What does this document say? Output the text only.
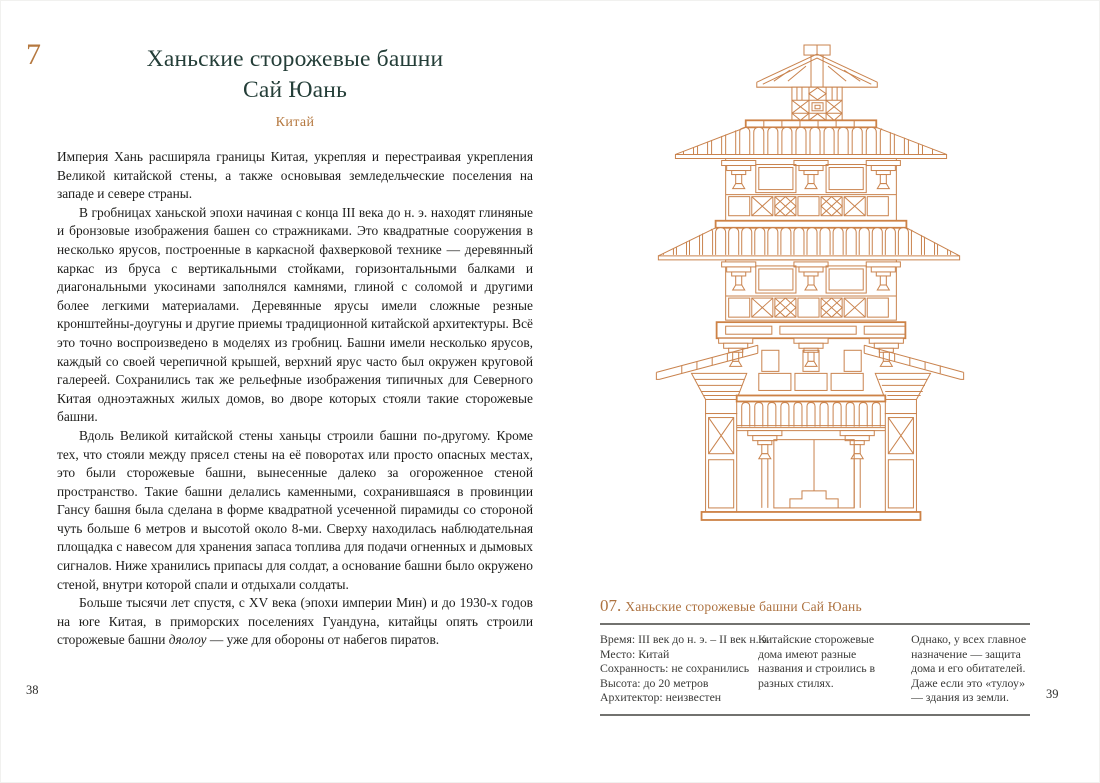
7	Ханьские сторожевые башни
Сай Юань
Китай

Империя Хань расширяла границы Китая, укрепляя и перестраивая укрепления Великой китайской стены, а также основывая земледельческие поселения на западе и севере страны.

В гробницах ханьской эпохи начиная с конца III века до н. э. находят глиняные и бронзовые изображения башен со стражниками. Это квадратные сооружения в несколько ярусов, построенные в каркасной фахверковой технике — деревянный каркас из бруса с вертикальными стойками, горизонтальными балками и диагональными укосинами заполнялся камнями, глиной с соломой и другими более легкими материалами. Деревянные ярусы имели сложные резные кронштейны-доугуны и другие приемы традиционной китайской архитектуры. Всё это точно воспроизведено в моделях из гробниц. Башни имели несколько ярусов, каждый со своей черепичной крышей, верхний ярус часто был окружен круговой галереей. Сохранились так же рельефные изображения типичных для Северного Китая одноэтажных жилых домов, во дворе которых стояли такие сторожевые башни.

Вдоль Великой китайской стены ханьцы строили башни по-другому. Кроме тех, что стояли между прясел стены на её поворотах или просто опасных местах, это были сторожевые башни, вынесенные далеко за огороженное стеной пространство. Такие башни делались каменными, сохранившаяся в провинции Гансу башня была сделана в форме квадратной усеченной пирамиды со стороной чуть больше 6 метров и высотой около 8-ми. Сверху находилась наблюдательная площадка с навесом для хранения запаса топлива для подачи огненных и дымовых сигналов. Ниже хранились припасы для солдат, а основание башни было окружено стеной, внутри которой спали и отдыхали солдаты.

Больше тысячи лет спустя, с XV века (эпохи империи Мин) и до 1930-х годов на юге Китая, в приморских поселениях Гуандуна, китайцы опять строили сторожевые башни дяолоу — уже для обороны от набегов пиратов.

38
07. Ханьские сторожевые башни Сай Юань
Время: III век до н. э. – II век н. э.
Место: Китай
Сохранность: не сохранились
Высота: до 20 метров
Архитектор: неизвестен
Китайские сторожевые дома имеют разные названия и строились в разных стилях.
Однако, у всех главное назначение — защита дома и его обитателей. Даже если это «тулоу» — здания из земли.	39
